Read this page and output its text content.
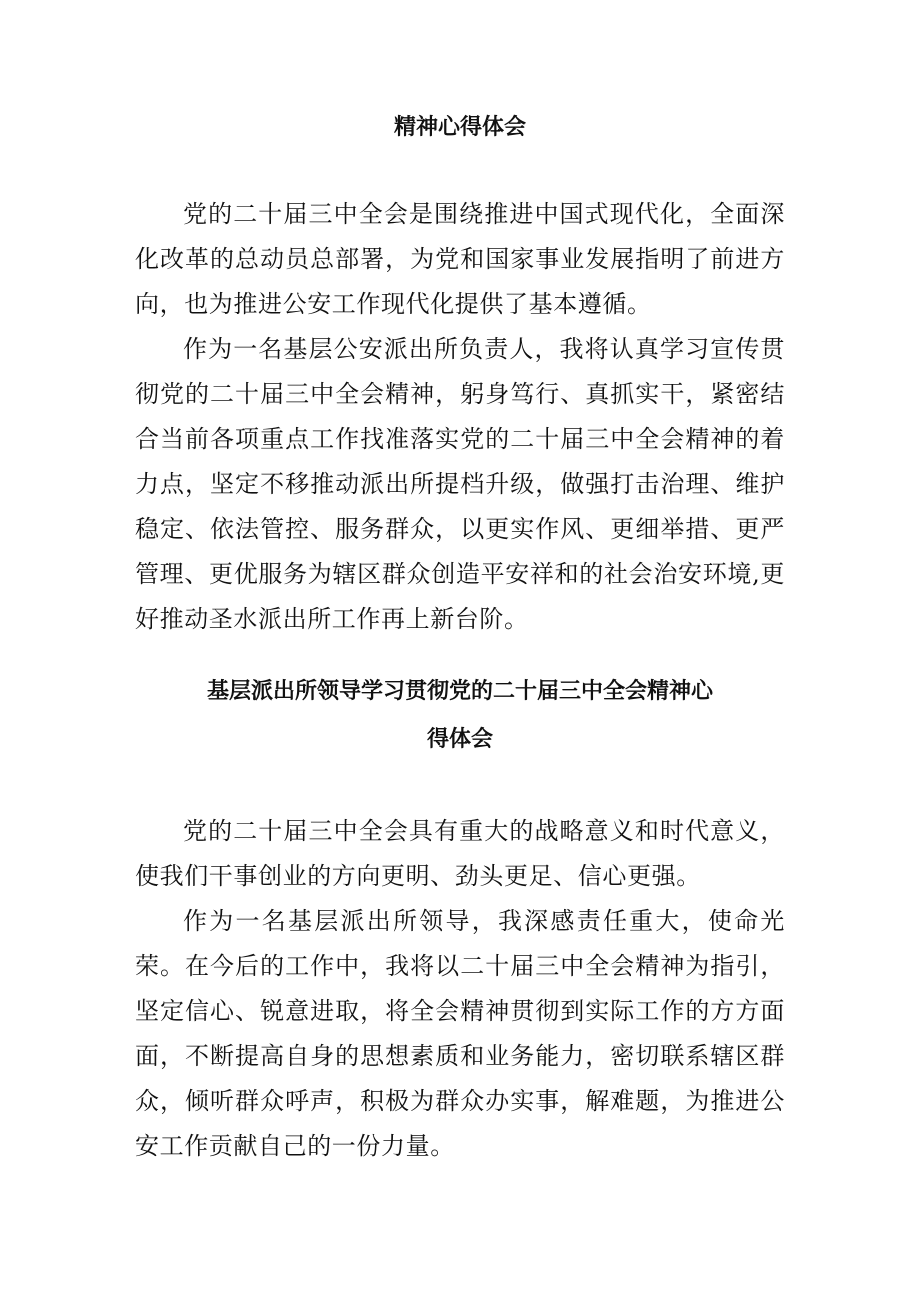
精神心得体会

党的二十届三中全会是围绕推进中国式现代化，全面深化改革的总动员总部署，为党和国家事业发展指明了前进方向，也为推进公安工作现代化提供了基本遵循。

作为一名基层公安派出所负责人，我将认真学习宣传贯彻党的二十届三中全会精神，躬身笃行、真抓实干，紧密结合当前各项重点工作找准落实党的二十届三中全会精神的着力点，坚定不移推动派出所提档升级，做强打击治理、维护稳定、依法管控、服务群众，以更实作风、更细举措、更严管理、更优服务为辖区群众创造平安祥和的社会治安环境,更好推动圣水派出所工作再上新台阶。

基层派出所领导学习贯彻党的二十届三中全会精神心
得体会

党的二十届三中全会具有重大的战略意义和时代意义，使我们干事创业的方向更明、劲头更足、信心更强。

作为一名基层派出所领导，我深感责任重大，使命光荣。在今后的工作中，我将以二十届三中全会精神为指引，坚定信心、锐意进取，将全会精神贯彻到实际工作的方方面面，不断提高自身的思想素质和业务能力，密切联系辖区群众，倾听群众呼声，积极为群众办实事，解难题，为推进公安工作贡献自己的一份力量。
